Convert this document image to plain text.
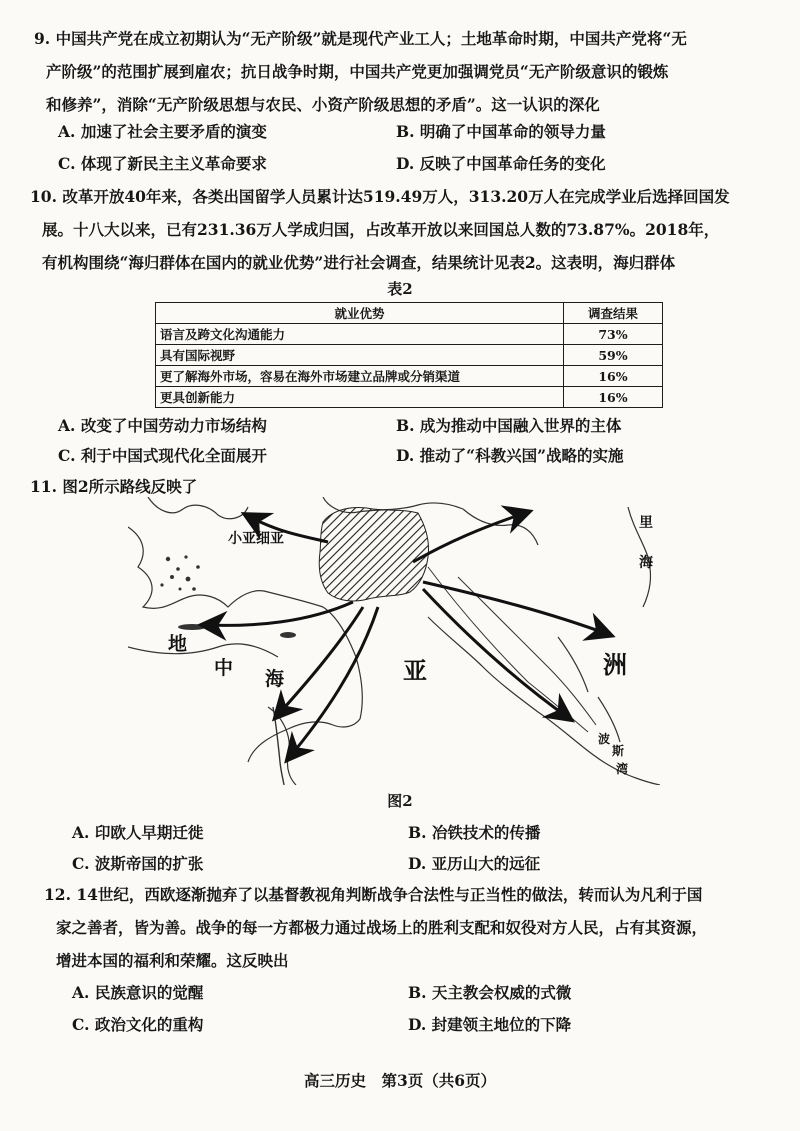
9. 中国共产党在成立初期认为“无产阶级”就是现代产业工人；土地革命时期，中国共产党将“无
产阶级”的范围扩展到雇农；抗日战争时期，中国共产党更加强调党员“无产阶级意识的锻炼
和修养”，消除“无产阶级思想与农民、小资产阶级思想的矛盾”。这一认识的深化
A. 加速了社会主要矛盾的演变	B. 明确了中国革命的领导力量
C. 体现了新民主主义革命要求	D. 反映了中国革命任务的变化
10. 改革开放40年来，各类出国留学人员累计达519.49万人，313.20万人在完成学业后选择回国发
展。十八大以来，已有231.36万人学成归国，占改革开放以来回国总人数的73.87%。2018年，
有机构围绕“海归群体在国内的就业优势”进行社会调查，结果统计见表2。这表明，海归群体
表2
就业优势	调查结果
语言及跨文化沟通能力	73%
具有国际视野	59%
更了解海外市场，容易在海外市场建立品牌或分销渠道	16%
更具创新能力	16%
A. 改变了中国劳动力市场结构	B. 成为推动中国融入世界的主体
C. 利于中国式现代化全面展开	D. 推动了“科教兴国”战略的实施
11. 图2所示路线反映了
小亚细亚
里
海
地
中 海	亚	洲
波
斯
湾
图2
A. 印欧人早期迁徙	B. 冶铁技术的传播
C. 波斯帝国的扩张	D. 亚历山大的远征
12. 14世纪，西欧逐渐抛弃了以基督教视角判断战争合法性与正当性的做法，转而认为凡利于国
家之善者，皆为善。战争的每一方都极力通过战场上的胜利支配和奴役对方人民，占有其资源，
增进本国的福利和荣耀。这反映出
A. 民族意识的觉醒	B. 天主教会权威的式微
C. 政治文化的重构	D. 封建领主地位的下降
高三历史　第3页（共6页）
